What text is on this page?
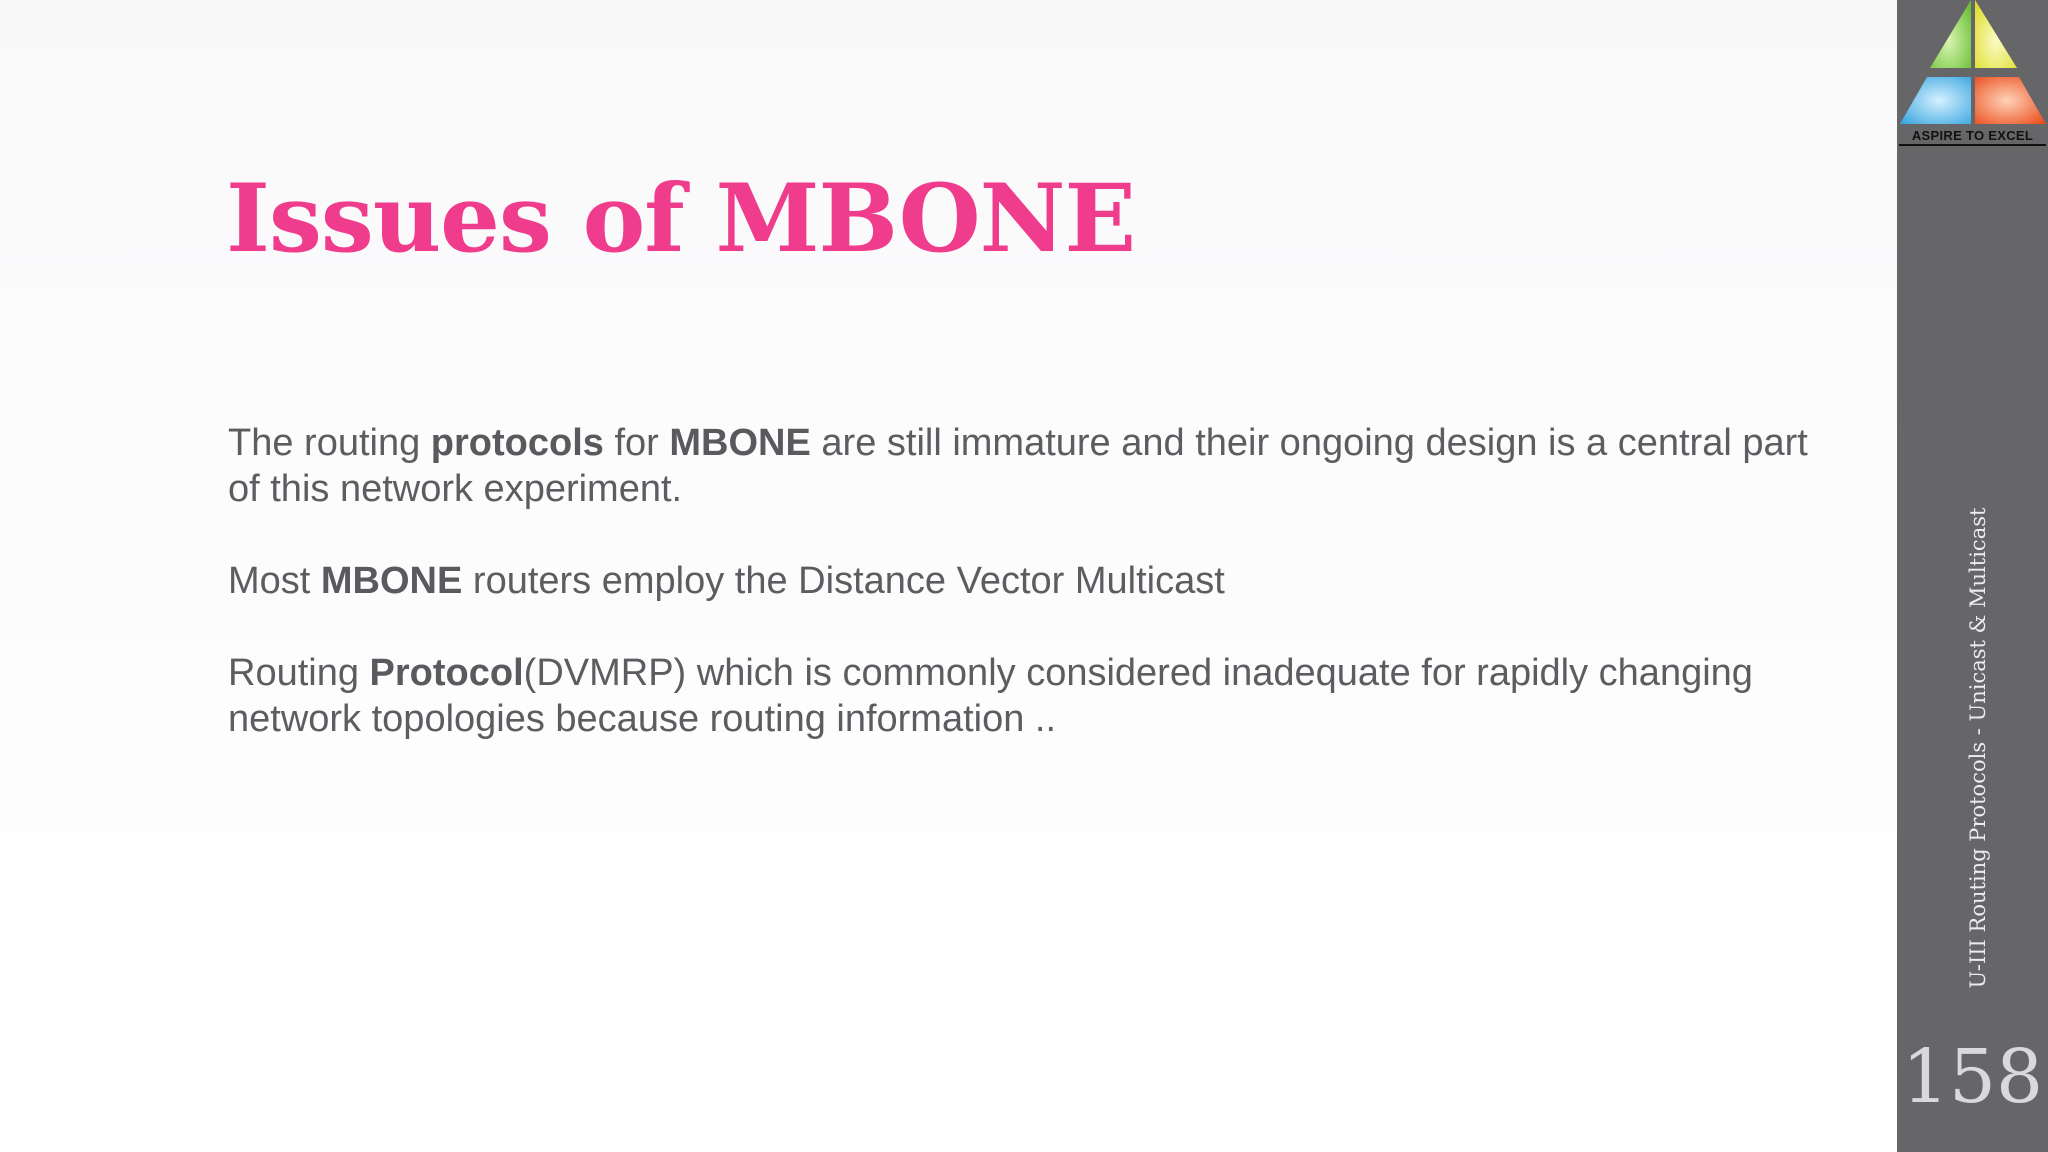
Issues of MBONE

The routing protocols for MBONE are still immature and their ongoing design is a central part of this network experiment.

Most MBONE routers employ the Distance Vector Multicast

Routing Protocol(DVMRP) which is commonly considered inadequate for rapidly changing network topologies because routing information ..

ASPIRE TO EXCEL
U-III Routing Protocols - Unicast & Multicast
158
